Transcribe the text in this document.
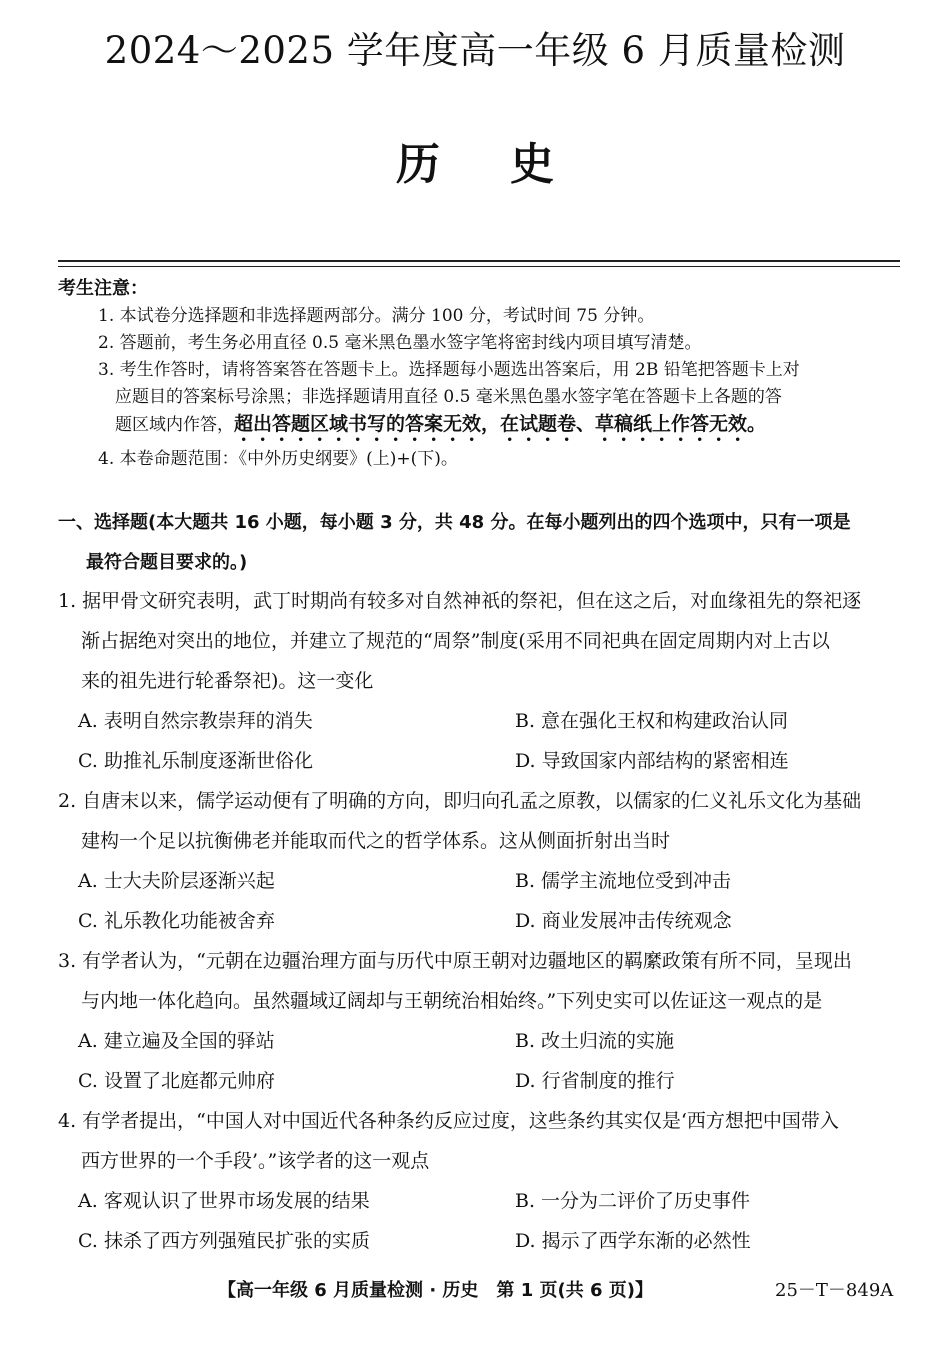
2024～2025 学年度高一年级 6 月质量检测
历史
考生注意：
1. 本试卷分选择题和非选择题两部分。满分 100 分，考试时间 75 分钟。
2. 答题前，考生务必用直径 0.5 毫米黑色墨水签字笔将密封线内项目填写清楚。
3. 考生作答时，请将答案答在答题卡上。选择题每小题选出答案后，用 2B 铅笔把答题卡上对
应题目的答案标号涂黑；非选择题请用直径 0.5 毫米黑色墨水签字笔在答题卡上各题的答
题区域内作答，超出答题区域书写的答案无效，在试题卷、草稿纸上作答无效。
4. 本卷命题范围：《中外历史纲要》(上)+(下)。
一、选择题(本大题共 16 小题，每小题 3 分，共 48 分。在每小题列出的四个选项中，只有一项是
最符合题目要求的。)
1. 据甲骨文研究表明，武丁时期尚有较多对自然神祇的祭祀，但在这之后，对血缘祖先的祭祀逐
渐占据绝对突出的地位，并建立了规范的“周祭”制度(采用不同祀典在固定周期内对上古以
来的祖先进行轮番祭祀)。这一变化
A. 表明自然宗教崇拜的消失	B. 意在强化王权和构建政治认同
C. 助推礼乐制度逐渐世俗化	D. 导致国家内部结构的紧密相连
2. 自唐末以来，儒学运动便有了明确的方向，即归向孔孟之原教，以儒家的仁义礼乐文化为基础
建构一个足以抗衡佛老并能取而代之的哲学体系。这从侧面折射出当时
A. 士大夫阶层逐渐兴起	B. 儒学主流地位受到冲击
C. 礼乐教化功能被舍弃	D. 商业发展冲击传统观念
3. 有学者认为，“元朝在边疆治理方面与历代中原王朝对边疆地区的羁縻政策有所不同，呈现出
与内地一体化趋向。虽然疆域辽阔却与王朝统治相始终。”下列史实可以佐证这一观点的是
A. 建立遍及全国的驿站	B. 改土归流的实施
C. 设置了北庭都元帅府	D. 行省制度的推行
4. 有学者提出，“中国人对中国近代各种条约反应过度，这些条约其实仅是‘西方想把中国带入
西方世界的一个手段’。”该学者的这一观点
A. 客观认识了世界市场发展的结果	B. 一分为二评价了历史事件
C. 抹杀了西方列强殖民扩张的实质	D. 揭示了西学东渐的必然性
【高一年级 6 月质量检测 · 历史　第 1 页(共 6 页)】	25－T－849A
